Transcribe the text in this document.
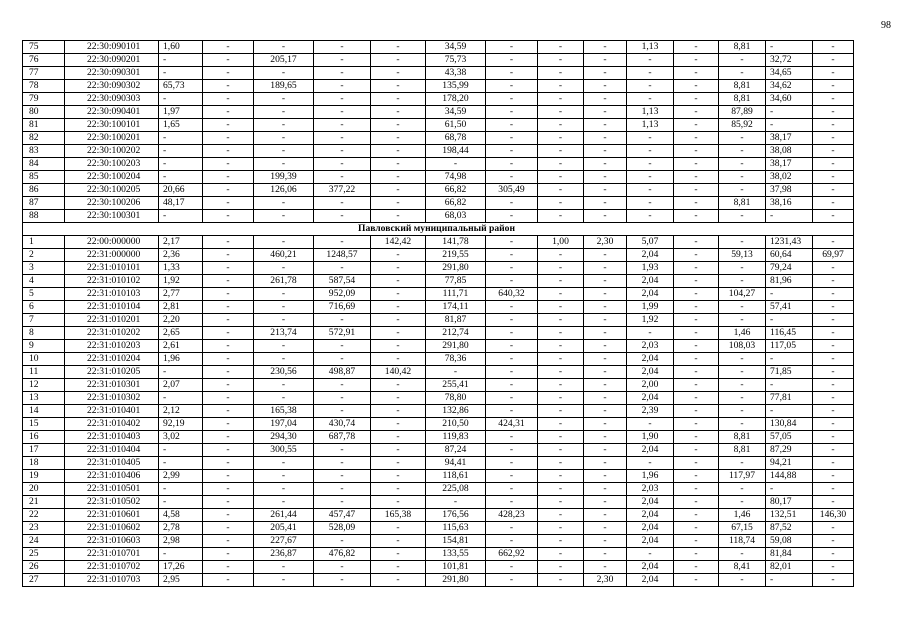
98
75	22:30:090101	1,60	-	-	-	-	34,59	-	-	-	1,13	-	8,81	-	-
76	22:30:090201	-	-	205,17	-	-	75,73	-	-	-	-	-	-	32,72	-
77	22:30:090301	-	-	-	-	-	43,38	-	-	-	-	-	-	34,65	-
78	22:30:090302	65,73	-	189,65	-	-	135,99	-	-	-	-	-	8,81	34,62	-
79	22:30:090303	-	-	-	-	-	178,20	-	-	-	-	-	8,81	34,60	-
80	22:30:090401	1,97	-	-	-	-	34,59	-	-	-	1,13	-	87,89	-	-
81	22:30:100101	1,65	-	-	-	-	61,50	-	-	-	1,13	-	85,92	-	-
82	22:30:100201	-	-	-	-	-	68,78	-	-	-	-	-	-	38,17	-
83	22:30:100202	-	-	-	-	-	198,44	-	-	-	-	-	-	38,08	-
84	22:30:100203	-	-	-	-	-	-	-	-	-	-	-	-	38,17	-
85	22:30:100204	-	-	199,39	-	-	74,98	-	-	-	-	-	-	38,02	-
86	22:30:100205	20,66	-	126,06	377,22	-	66,82	305,49	-	-	-	-	-	37,98	-
87	22:30:100206	48,17	-	-	-	-	66,82	-	-	-	-	-	8,81	38,16	-
88	22:30:100301	-	-	-	-	-	68,03	-	-	-	-	-	-	-	-
Павловский муниципальный район															
1	22:00:000000	2,17	-	-	-	142,42	141,78	-	1,00	2,30	5,07	-	-	1231,43	-
2	22:31:000000	2,36	-	460,21	1248,57	-	219,55	-	-	-	2,04	-	59,13	60,64	69,97
3	22:31:010101	1,33	-	-	-	-	291,80	-	-	-	1,93	-	-	79,24	-
4	22:31:010102	1,92	-	261,78	587,54	-	77,85	-	-	-	2,04	-	-	81,96	-
5	22:31:010103	2,77	-	-	952,09	-	111,71	640,32	-	-	2,04	-	104,27	-	-
6	22:31:010104	2,81	-	-	716,69	-	174,11	-	-	-	1,99	-	-	57,41	-
7	22:31:010201	2,20	-	-	-	-	81,87	-	-	-	1,92	-	-	-	-
8	22:31:010202	2,65	-	213,74	572,91	-	212,74	-	-	-	-	-	1,46	116,45	-
9	22:31:010203	2,61	-	-	-	-	291,80	-	-	-	2,03	-	108,03	117,05	-
10	22:31:010204	1,96	-	-	-	-	78,36	-	-	-	2,04	-	-	-	-
11	22:31:010205	-	-	230,56	498,87	140,42	-	-	-	-	2,04	-	-	71,85	-
12	22:31:010301	2,07	-	-	-	-	255,41	-	-	-	2,00	-	-	-	-
13	22:31:010302	-	-	-	-	-	78,80	-	-	-	2,04	-	-	77,81	-
14	22:31:010401	2,12	-	165,38	-	-	132,86	-	-	-	2,39	-	-	-	-
15	22:31:010402	92,19	-	197,04	430,74	-	210,50	424,31	-	-	-	-	-	130,84	-
16	22:31:010403	3,02	-	294,30	687,78	-	119,83	-	-	-	1,90	-	8,81	57,05	-
17	22:31:010404	-	-	300,55	-	-	87,24	-	-	-	2,04	-	8,81	87,29	-
18	22:31:010405	-	-	-	-	-	94,41	-	-	-	-	-	-	94,21	-
19	22:31:010406	2,99	-	-	-	-	118,61	-	-	-	1,96	-	117,97	144,88	-
20	22:31:010501	-	-	-	-	-	225,08	-	-	-	2,03	-	-	-	-
21	22:31:010502	-	-	-	-	-	-	-	-	-	2,04	-	-	80,17	-
22	22:31:010601	4,58	-	261,44	457,47	165,38	176,56	428,23	-	-	2,04	-	1,46	132,51	146,30
23	22:31:010602	2,78	-	205,41	528,09	-	115,63	-	-	-	2,04	-	67,15	87,52	-
24	22:31:010603	2,98	-	227,67	-	-	154,81	-	-	-	2,04	-	118,74	59,08	-
25	22:31:010701	-	-	236,87	476,82	-	133,55	662,92	-	-	-	-	-	81,84	-
26	22:31:010702	17,26	-	-	-	-	101,81	-	-	-	2,04	-	8,41	82,01	-
27	22:31:010703	2,95	-	-	-	-	291,80	-	-	2,30	2,04	-	-	-	-
